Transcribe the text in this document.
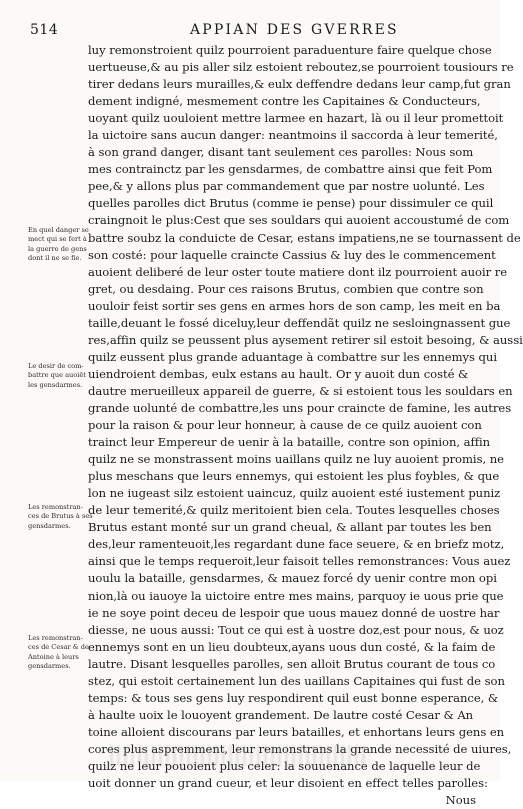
514	APPIAN DES GVERRES
luy remonstroient quilz pourroient paraduenture faire quelque chose
uertueuse,& au pis aller silz estoient reboutez,se pourroient tousiours re
tirer dedans leurs murailles,& eulx deffendre dedans leur camp,fut gran
dement indigné, mesmement contre les Capitaines & Conducteurs,
uoyant quilz uouloient mettre larmee en hazart, là ou il leur promettoit
la uictoire sans aucun danger: neantmoins il saccorda à leur temerité,
à son grand danger, disant tant seulement ces parolles: Nous som
mes contrainctz par les gensdarmes, de combattre ainsi que feit Pom
pee,& y allons plus par commandement que par nostre uolunté. Les
quelles parolles dict Brutus (comme ie pense) pour dissimuler ce quil
craingnoit le plus:Cest que ses souldars qui auoient accoustumé de com
battre soubz la conduicte de Cesar, estans impatiens,ne se tournassent de
son costé: pour laquelle craincte Cassius & luy des le commencement
auoient deliberé de leur oster toute matiere dont ilz pourroient auoir re
gret, ou desdaing. Pour ces raisons Brutus, combien que contre son
uouloir feist sortir ses gens en armes hors de son camp, les meit en ba
taille,deuant le fossé diceluy,leur deffendãt quilz ne sesloingnassent gue
res,affin quilz se peussent plus aysement retirer sil estoit besoing, & aussi
quilz eussent plus grande aduantage à combattre sur les ennemys qui
uiendroient dembas, eulx estans au hault. Or y auoit dun costé &
dautre merueilleux appareil de guerre, & si estoient tous les souldars en
grande uolunté de combattre,les uns pour craincte de famine, les autres
pour la raison & pour leur honneur, à cause de ce quilz auoient con
trainct leur Empereur de uenir à la bataille, contre son opinion, affin
quilz ne se monstrassent moins uaillans quilz ne luy auoient promis, ne
plus meschans que leurs ennemys, qui estoient les plus foybles, & que
lon ne iugeast silz estoient uaincuz, quilz auoient esté iustement puniz
de leur temerité,& quilz meritoient bien cela. Toutes lesquelles choses
Brutus estant monté sur un grand cheual, & allant par toutes les ben
des,leur ramenteuoit,les regardant dune face seuere, & en briefz motz,
ainsi que le temps requeroit,leur faisoit telles remonstrances: Vous auez
uoulu la bataille, gensdarmes, & mauez forcé dy uenir contre mon opi
nion,là ou iauoye la uictoire entre mes mains, parquoy ie uous prie que
ie ne soye point deceu de lespoir que uous mauez donné de uostre har
diesse, ne uous aussi: Tout ce qui est à uostre doz,est pour nous, & uoz
ennemys sont en un lieu doubteux,ayans uous dun costé, & la faim de
lautre. Disant lesquelles parolles, sen alloit Brutus courant de tous co
stez, qui estoit certainement lun des uaillans Capitaines qui fust de son
temps: & tous ses gens luy respondirent quil eust bonne esperance, &
à haulte uoix le louoyent grandement. De lautre costé Cesar & An
toine alloient discourans par leurs batailles, et enhortans leurs gens en
cores plus aspremment, leur remonstrans la grande necessité de uiures,
quilz ne leur pouoient plus celer: la souuenance de laquelle leur de
uoit donner un grand cueur, et leur disoient en effect telles parolles:
Nous
En quel danger se
mect qui se fert à
la guerre de gens
dont il ne se fie.
Le desir de com-
battre que auoiēt
les gensdarmes.
Les remonstran-
ces de Brutus à ses
gensdarmes.
Les remonstran-
ces de Cesar & de
Antoine à leurs
gensdarmes.
